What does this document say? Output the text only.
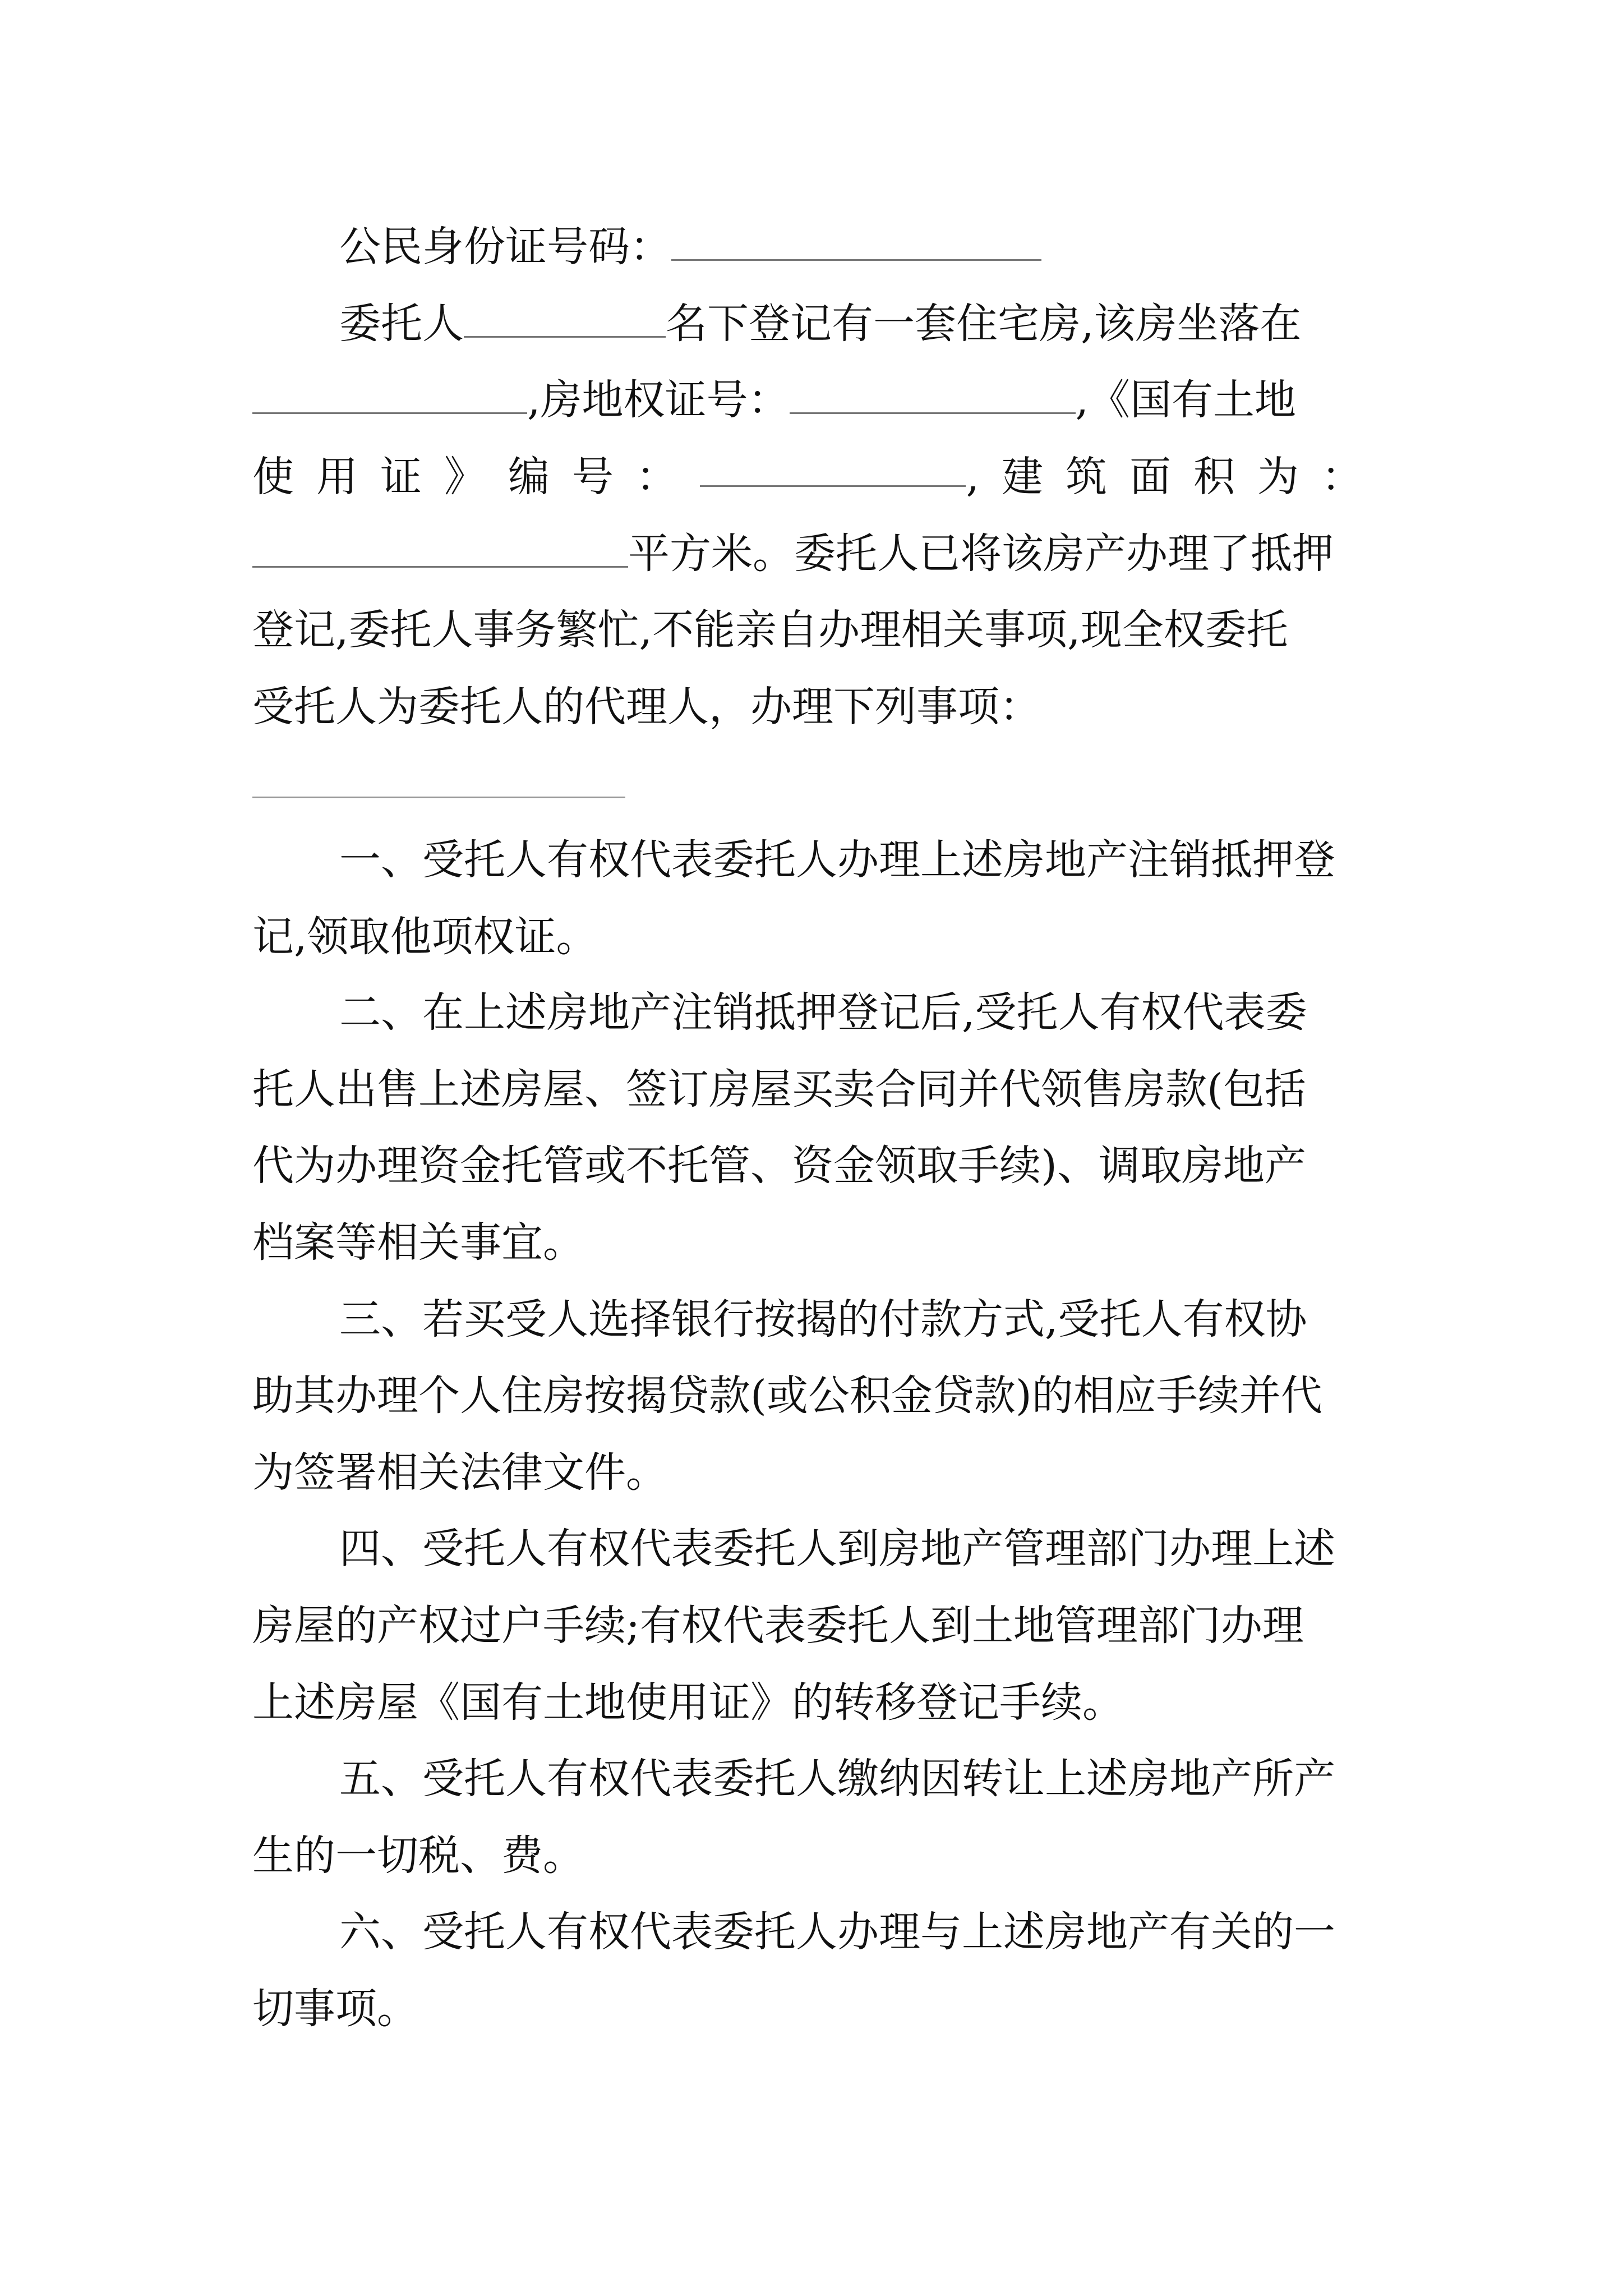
公民身份证号码：
委托人	名下登记有一套住宅房,该房坐落在
,房地权证号：	,《国有土地
使用证》编号：	,建筑面积为：
平方米。委托人已将该房产办理了抵押
登记,委托人事务繁忙,不能亲自办理相关事项,现全权委托
受托人为委托人的代理人，办理下列事项：
一、受托人有权代表委托人办理上述房地产注销抵押登
记,领取他项权证。
二、在上述房地产注销抵押登记后,受托人有权代表委
托人出售上述房屋、签订房屋买卖合同并代领售房款(包括
代为办理资金托管或不托管、资金领取手续)、调取房地产
档案等相关事宜。
三、若买受人选择银行按揭的付款方式,受托人有权协
助其办理个人住房按揭贷款(或公积金贷款)的相应手续并代
为签署相关法律文件。
四、受托人有权代表委托人到房地产管理部门办理上述
房屋的产权过户手续;有权代表委托人到土地管理部门办理
上述房屋《国有土地使用证》的转移登记手续。
五、受托人有权代表委托人缴纳因转让上述房地产所产
生的一切税、费。
六、受托人有权代表委托人办理与上述房地产有关的一
切事项。
